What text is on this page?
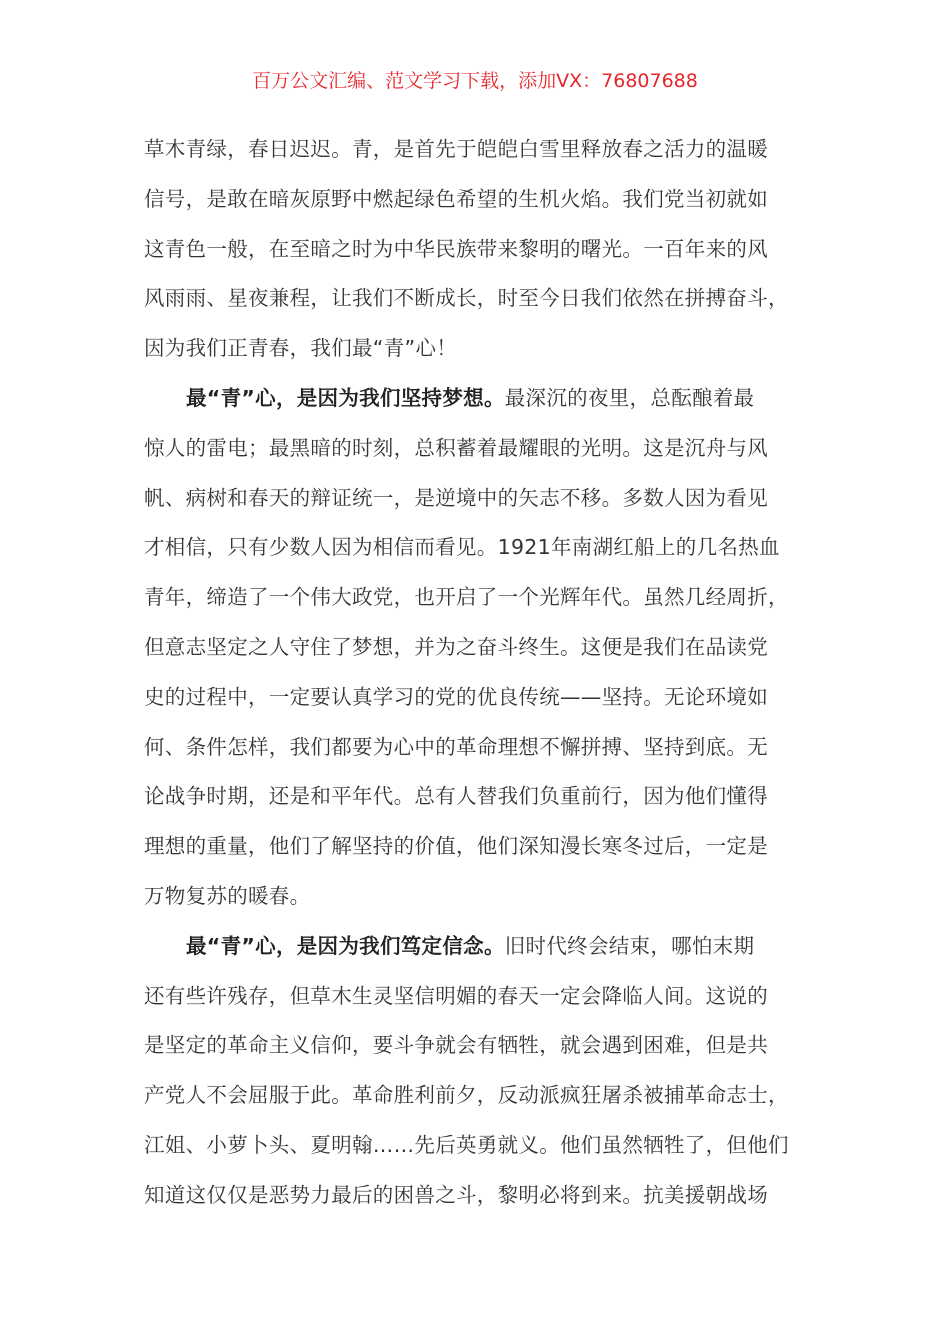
百万公文汇编、范文学习下载，添加VX：76807688
草木青绿，春日迟迟。青，是首先于皑皑白雪里释放春之活力的温暖
信号，是敢在暗灰原野中燃起绿色希望的生机火焰。我们党当初就如
这青色一般，在至暗之时为中华民族带来黎明的曙光。一百年来的风
风雨雨、星夜兼程，让我们不断成长，时至今日我们依然在拼搏奋斗，
因为我们正青春，我们最“青”心！
最“青”心，是因为我们坚持梦想。最深沉的夜里，总酝酿着最
惊人的雷电；最黑暗的时刻，总积蓄着最耀眼的光明。这是沉舟与风
帆、病树和春天的辩证统一，是逆境中的矢志不移。多数人因为看见
才相信，只有少数人因为相信而看见。1921年南湖红船上的几名热血
青年，缔造了一个伟大政党，也开启了一个光辉年代。虽然几经周折，
但意志坚定之人守住了梦想，并为之奋斗终生。这便是我们在品读党
史的过程中，一定要认真学习的党的优良传统——坚持。无论环境如
何、条件怎样，我们都要为心中的革命理想不懈拼搏、坚持到底。无
论战争时期，还是和平年代。总有人替我们负重前行，因为他们懂得
理想的重量，他们了解坚持的价值，他们深知漫长寒冬过后，一定是
万物复苏的暖春。
最“青”心，是因为我们笃定信念。旧时代终会结束，哪怕末期
还有些许残存，但草木生灵坚信明媚的春天一定会降临人间。这说的
是坚定的革命主义信仰，要斗争就会有牺牲，就会遇到困难，但是共
产党人不会屈服于此。革命胜利前夕，反动派疯狂屠杀被捕革命志士，
江姐、小萝卜头、夏明翰……先后英勇就义。他们虽然牺牲了，但他们
知道这仅仅是恶势力最后的困兽之斗，黎明必将到来。抗美援朝战场
